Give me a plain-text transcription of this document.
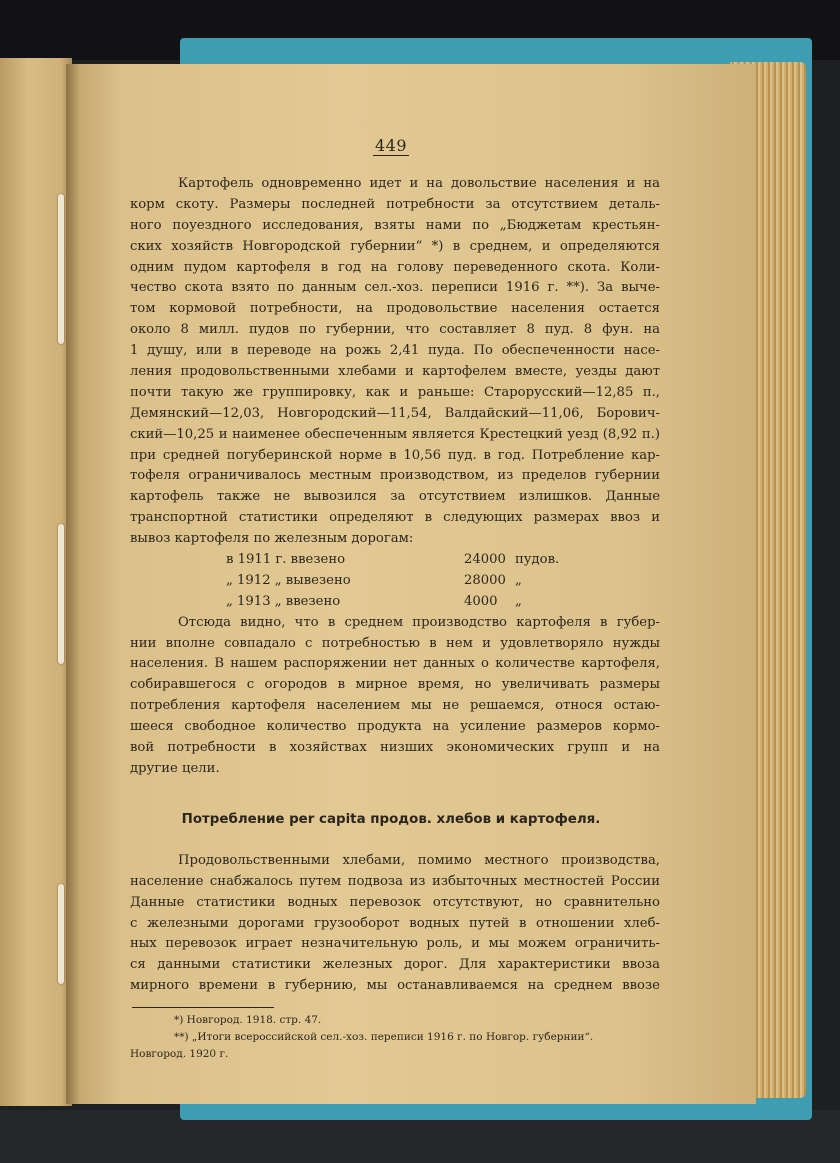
449
Картофель одновременно идет и на довольствие населения и на
корм скоту. Размеры последней потребности за отсутствием деталь-
ного поуездного исследования, взяты нами по „Бюджетам крестьян-
ских хозяйств Новгородской губернии“ *) в среднем, и определяются
одним пудом картофеля в год на голову переведенного скота. Коли-
чество скота взято по данным сел.-хоз. переписи 1916 г. **). За выче-
том кормовой потребности, на продовольствие населения остается
около 8 милл. пудов по губернии, что составляет 8 пуд. 8 фун. на
1 душу, или в переводе на рожь 2,41 пуда. По обеспеченности насе-
ления продовольственными хлебами и картофелем вместе, уезды дают
почти такую же группировку, как и раньше: Старорусский—12,85 п.,
Демянский—12,03, Новгородский—11,54, Валдайский—11,06, Борович-
ский—10,25 и наименее обеспеченным является Крестецкий уезд (8,92 п.)
при средней погуберинской норме в 10,56 пуд. в год. Потребление кар-
тофеля ограничивалось местным производством, из пределов губернии
картофель также не вывозился за отсутствием излишков. Данные
транспортной статистики определяют в следующих размерах ввоз и
вывоз картофеля по железным дорогам:
в 1911 г. ввезено	24000 пудов.
„ 1912 „ вывезено	28000 „
„ 1913 „ ввезено	4000 „
Отсюда видно, что в среднем производство картофеля в губер-
нии вполне совпадало с потребностью в нем и удовлетворяло нужды
населения. В нашем распоряжении нет данных о количестве картофеля,
собиравшегося с огородов в мирное время, но увеличивать размеры
потребления картофеля населением мы не решаемся, относя остаю-
шееся свободное количество продукта на усиление размеров кормо-
вой потребности в хозяйствах низших экономических групп и на
другие цели.
Потребление per capita продов. хлебов и картофеля.
Продовольственными хлебами, помимо местного производства,
население снабжалось путем подвоза из избыточных местностей России
Данные статистики водных перевозок отсутствуют, но сравнительно
с железными дорогами грузооборот водных путей в отношении хлеб-
ных перевозок играет незначительную роль, и мы можем ограничить-
ся данными статистики железных дорог. Для характеристики ввоза
мирного времени в губернию, мы останавливаемся на среднем ввозе
*) Новгород. 1918. стр. 47.
**) „Итоги всероссийской сел.-хоз. переписи 1916 г. по Новгор. губернии“.
Новгород. 1920 г.
